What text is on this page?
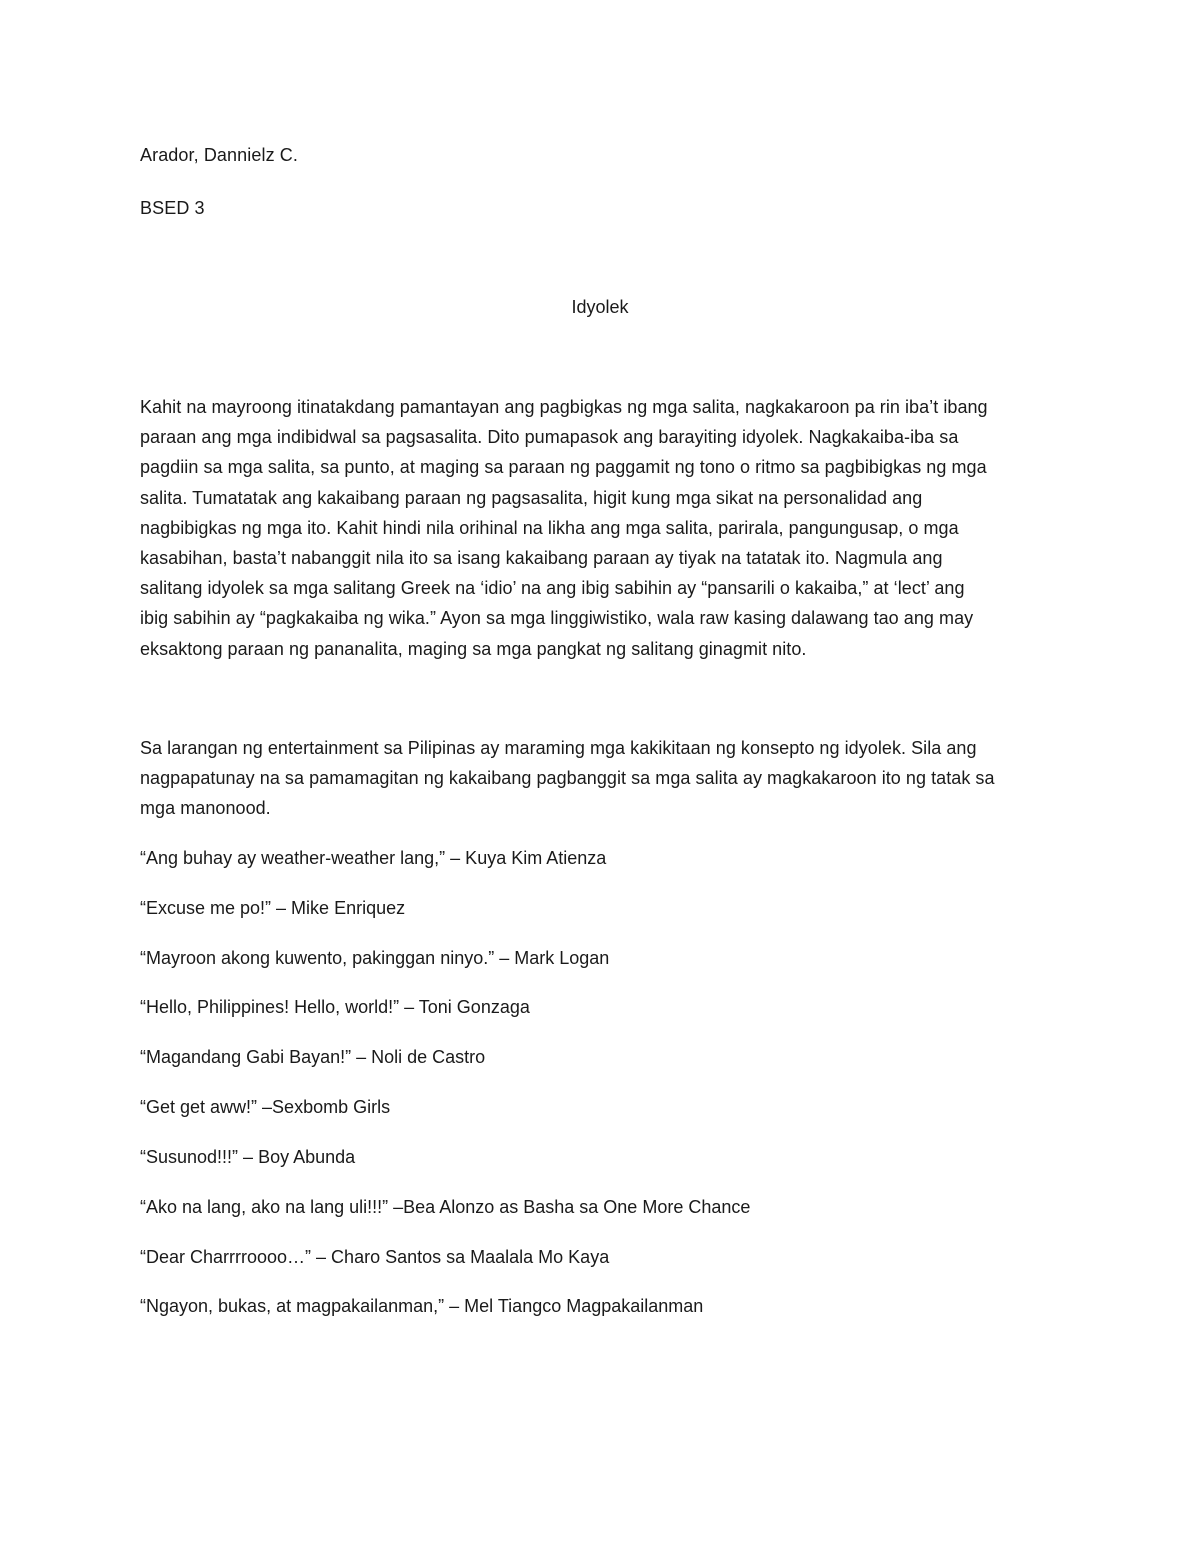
Arador, Dannielz C.
BSED 3
Idyolek
Kahit na mayroong itinatakdang pamantayan ang pagbigkas ng mga salita, nagkakaroon pa rin iba’t ibang
paraan ang mga indibidwal sa pagsasalita. Dito pumapasok ang barayiting idyolek. Nagkakaiba-iba sa
pagdiin sa mga salita, sa punto, at maging sa paraan ng paggamit ng tono o ritmo sa pagbibigkas ng mga
salita. Tumatatak ang kakaibang paraan ng pagsasalita, higit kung mga sikat na personalidad ang
nagbibigkas ng mga ito. Kahit hindi nila orihinal na likha ang mga salita, parirala, pangungusap, o mga
kasabihan, basta’t nabanggit nila ito sa isang kakaibang paraan ay tiyak na tatatak ito. Nagmula ang
salitang idyolek sa mga salitang Greek na ‘idio’ na ang ibig sabihin ay “pansarili o kakaiba,” at ‘lect’ ang
ibig sabihin ay “pagkakaiba ng wika.” Ayon sa mga linggiwistiko, wala raw kasing dalawang tao ang may
eksaktong paraan ng pananalita, maging sa mga pangkat ng salitang ginagmit nito.
Sa larangan ng entertainment sa Pilipinas ay maraming mga kakikitaan ng konsepto ng idyolek. Sila ang
nagpapatunay na sa pamamagitan ng kakaibang pagbanggit sa mga salita ay magkakaroon ito ng tatak sa
mga manonood.
“Ang buhay ay weather-weather lang,” – Kuya Kim Atienza
“Excuse me po!” – Mike Enriquez
“Mayroon akong kuwento, pakinggan ninyo.” – Mark Logan
“Hello, Philippines! Hello, world!” – Toni Gonzaga
“Magandang Gabi Bayan!” – Noli de Castro
“Get get aww!” –Sexbomb Girls
“Susunod!!!” – Boy Abunda
“Ako na lang, ako na lang uli!!!” –Bea Alonzo as Basha sa One More Chance
“Dear Charrrroooo…” – Charo Santos sa Maalala Mo Kaya
“Ngayon, bukas, at magpakailanman,” – Mel Tiangco Magpakailanman
